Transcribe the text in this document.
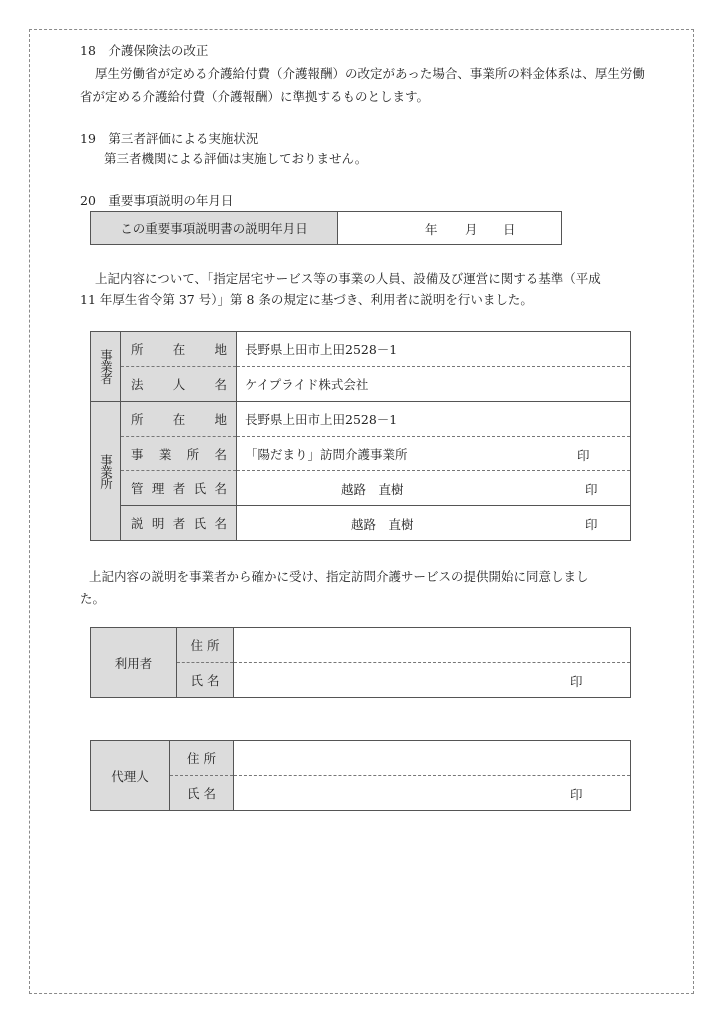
18　介護保険法の改正
厚生労働省が定める介護給付費（介護報酬）の改定があった場合、事業所の料金体系は、厚生労働
省が定める介護給付費（介護報酬）に準拠するものとします。
19　第三者評価による実施状況
第三者機関による評価は実施しておりません。
20　重要事項説明の年月日
この重要事項説明書の説明年月日	年 月 日
上記内容について、「指定居宅サービス等の事業の人員、設備及び運営に関する基準（平成
11 年厚生省令第 37 号）」第 8 条の規定に基づき、利用者に説明を行いました。
事業者	所在地	長野県上田市上田2528－1
	法人名	ケイプライド株式会社
事業所	所在地	長野県上田市上田2528－1
	事業所名	「陽だまり」訪問介護事業所 印

	管理者氏名	越路　直樹 印

	説明者氏名	越路　直樹 印
上記内容の説明を事業者から確かに受け、指定訪問介護サービスの提供開始に同意しまし
た。
利用者	住 所	
	氏 名	印
代理人	住 所	
	氏 名	印
